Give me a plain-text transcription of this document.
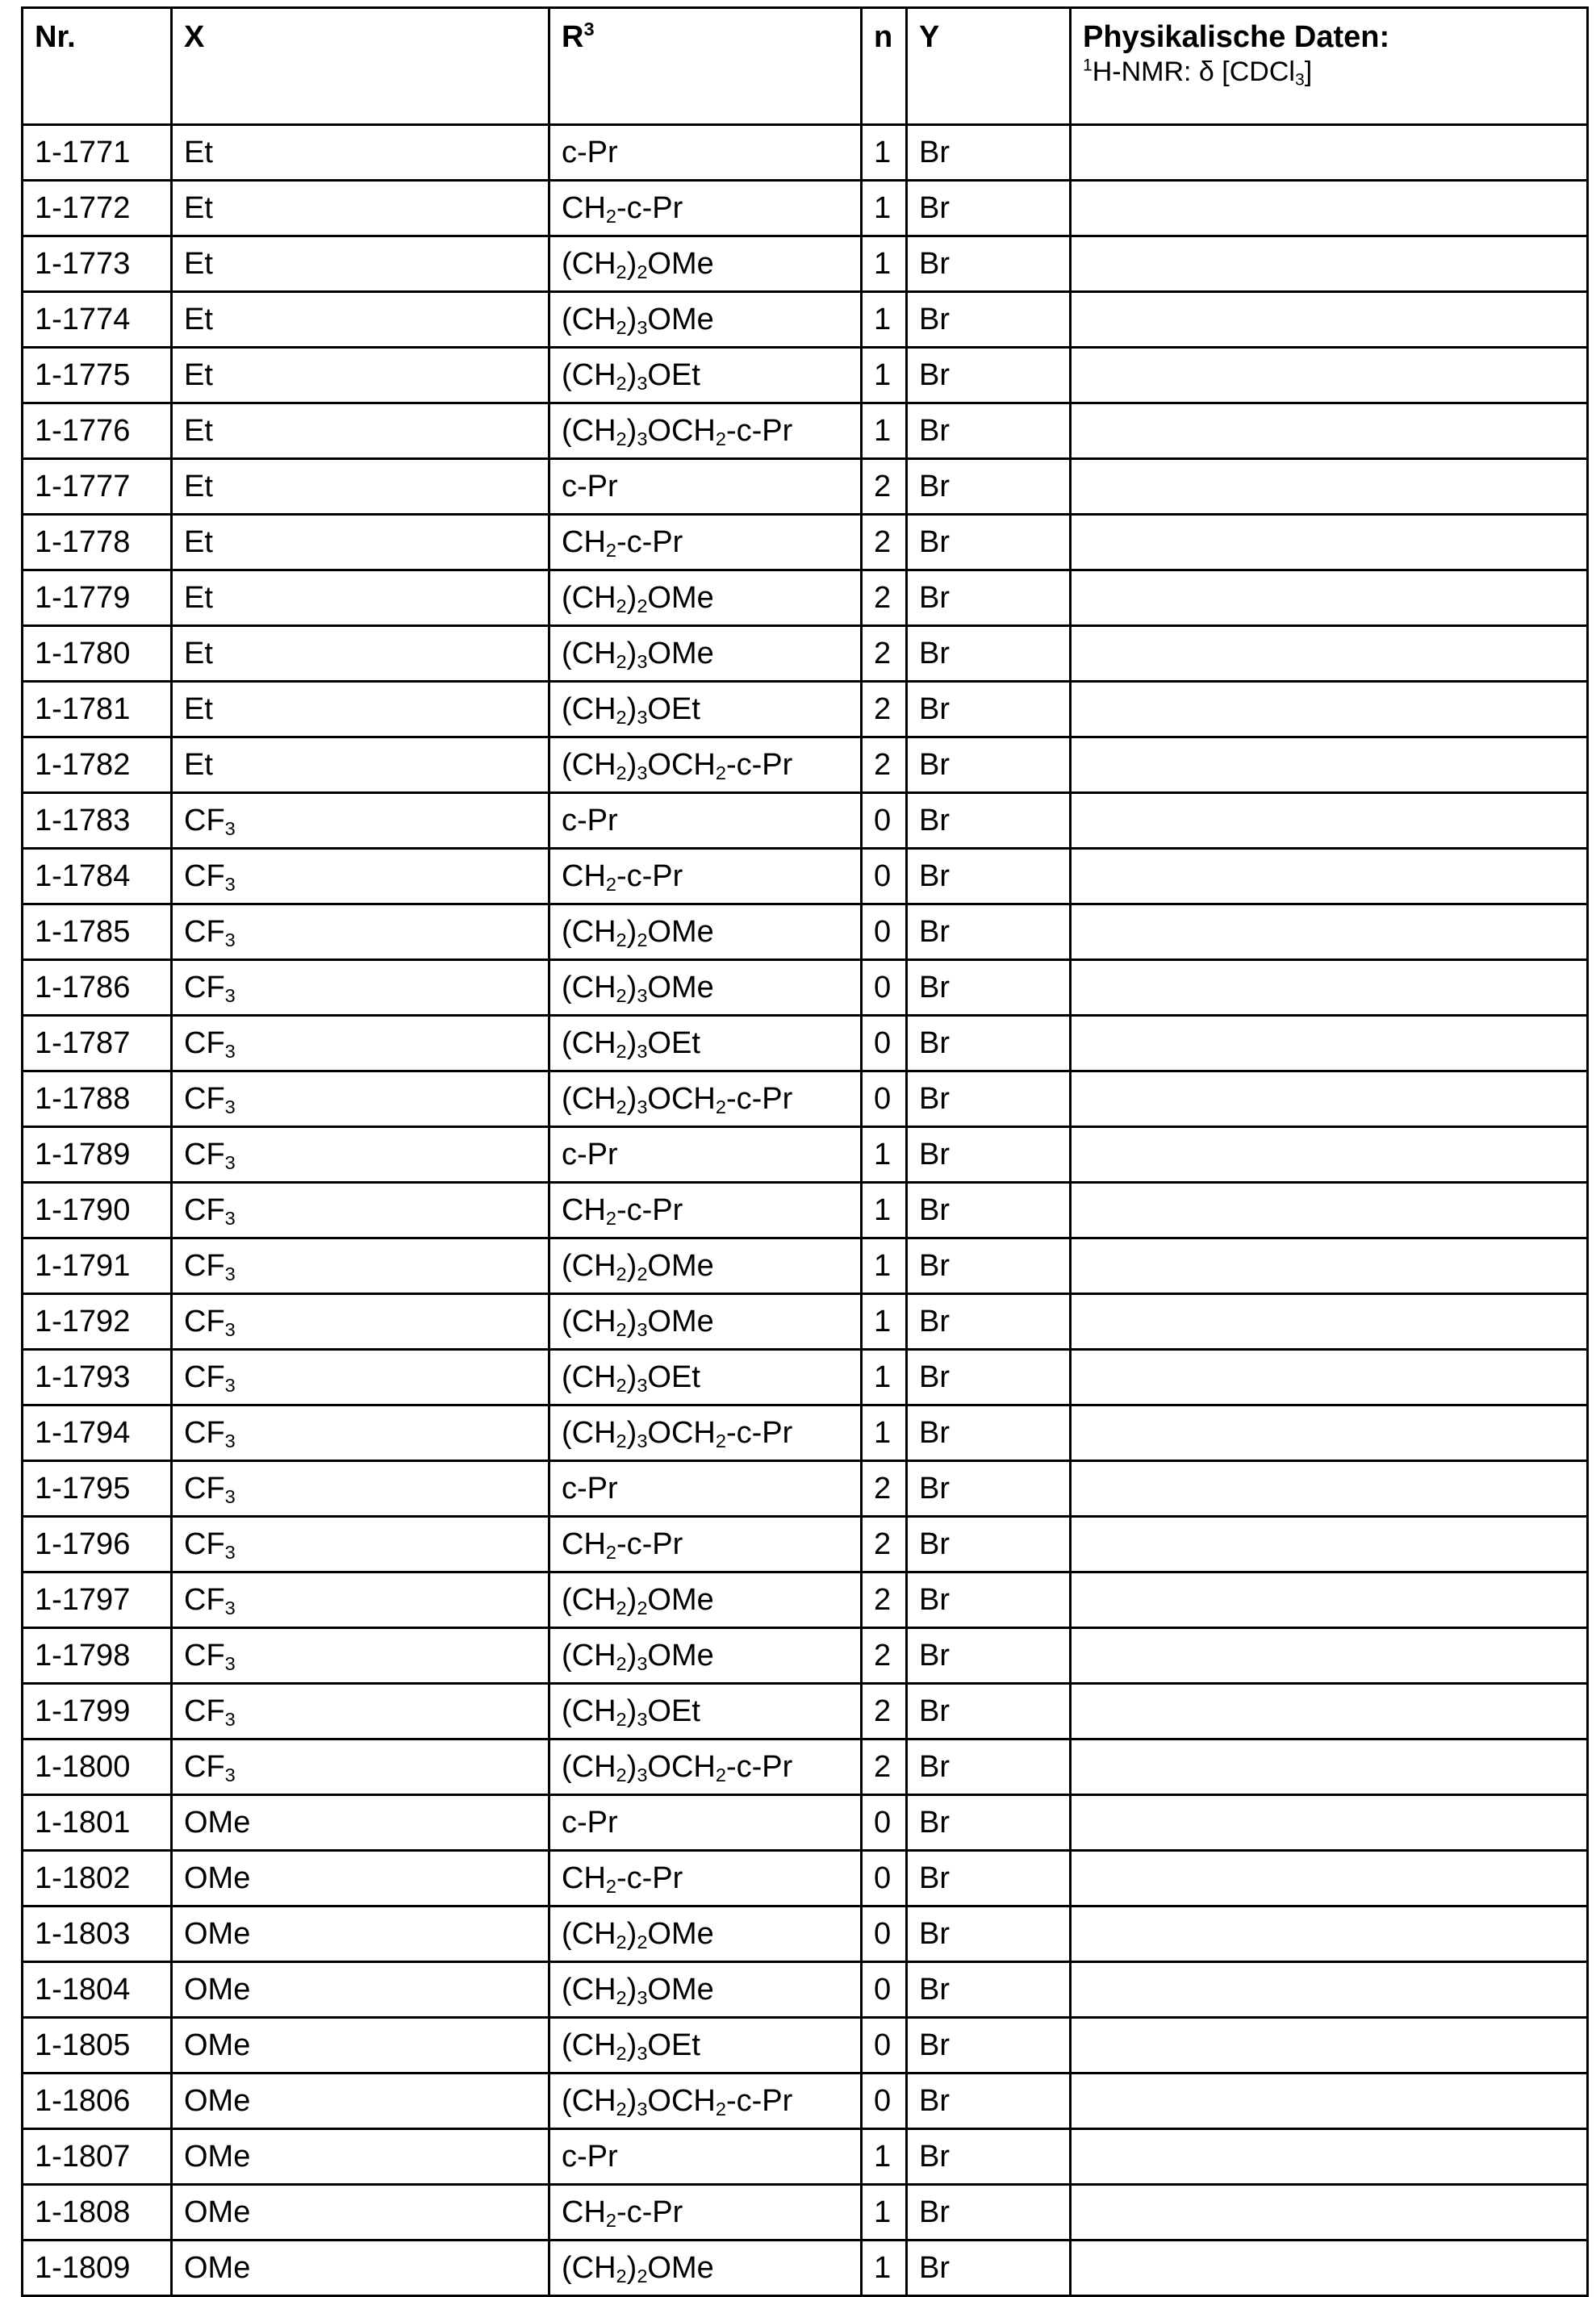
Nr.	X	$R^3$	n	Y	Physikalische Daten:
$^1$H-NMR: δ [CDCl$_3$]

1-1771	Et	c-Pr	1	Br	
1-1772	Et	$CH_2-c-Pr$	1	Br	
1-1773	Et	$(CH_2)_2OMe$	1	Br	
1-1774	Et	$(CH_2)_3OMe$	1	Br	
1-1775	Et	$(CH_2)_3OEt$	1	Br	
1-1776	Et	$(CH_2)_3OCH_2-c-Pr$	1	Br	
1-1777	Et	c-Pr	2	Br	
1-1778	Et	$CH_2-c-Pr$	2	Br	
1-1779	Et	$(CH_2)_2OMe$	2	Br	
1-1780	Et	$(CH_2)_3OMe$	2	Br	
1-1781	Et	$(CH_2)_3OEt$	2	Br	
1-1782	Et	$(CH_2)_3OCH_2-c-Pr$	2	Br	
1-1783	$CF_3$	c-Pr	0	Br	
1-1784	$CF_3$	$CH_2-c-Pr$	0	Br	
1-1785	$CF_3$	$(CH_2)_2OMe$	0	Br	
1-1786	$CF_3$	$(CH_2)_3OMe$	0	Br	
1-1787	$CF_3$	$(CH_2)_3OEt$	0	Br	
1-1788	$CF_3$	$(CH_2)_3OCH_2-c-Pr$	0	Br	
1-1789	$CF_3$	c-Pr	1	Br	
1-1790	$CF_3$	$CH_2-c-Pr$	1	Br	
1-1791	$CF_3$	$(CH_2)_2OMe$	1	Br	
1-1792	$CF_3$	$(CH_2)_3OMe$	1	Br	
1-1793	$CF_3$	$(CH_2)_3OEt$	1	Br	
1-1794	$CF_3$	$(CH_2)_3OCH_2-c-Pr$	1	Br	
1-1795	$CF_3$	c-Pr	2	Br	
1-1796	$CF_3$	$CH_2-c-Pr$	2	Br	
1-1797	$CF_3$	$(CH_2)_2OMe$	2	Br	
1-1798	$CF_3$	$(CH_2)_3OMe$	2	Br	
1-1799	$CF_3$	$(CH_2)_3OEt$	2	Br	
1-1800	$CF_3$	$(CH_2)_3OCH_2-c-Pr$	2	Br	
1-1801	OMe	c-Pr	0	Br	
1-1802	OMe	$CH_2-c-Pr$	0	Br	
1-1803	OMe	$(CH_2)_2OMe$	0	Br	
1-1804	OMe	$(CH_2)_3OMe$	0	Br	
1-1805	OMe	$(CH_2)_3OEt$	0	Br	
1-1806	OMe	$(CH_2)_3OCH_2-c-Pr$	0	Br	
1-1807	OMe	c-Pr	1	Br	
1-1808	OMe	$CH_2-c-Pr$	1	Br	
1-1809	OMe	$(CH_2)_2OMe$	1	Br	
